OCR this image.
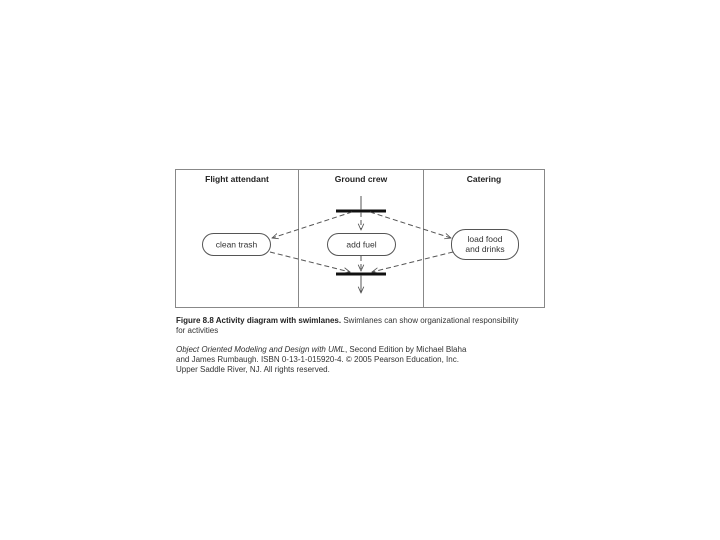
Flight attendant	Ground crew	Catering
clean trash	add fuel
load food
and drinks
Figure 8.8 Activity diagram with swimlanes. Swimlanes can show organizational responsibility
for activities
Object Oriented Modeling and Design with UML, Second Edition by Michael Blaha
and James Rumbaugh. ISBN 0-13-1-015920-4. © 2005 Pearson Education, Inc.
Upper Saddle River, NJ. All rights reserved.
